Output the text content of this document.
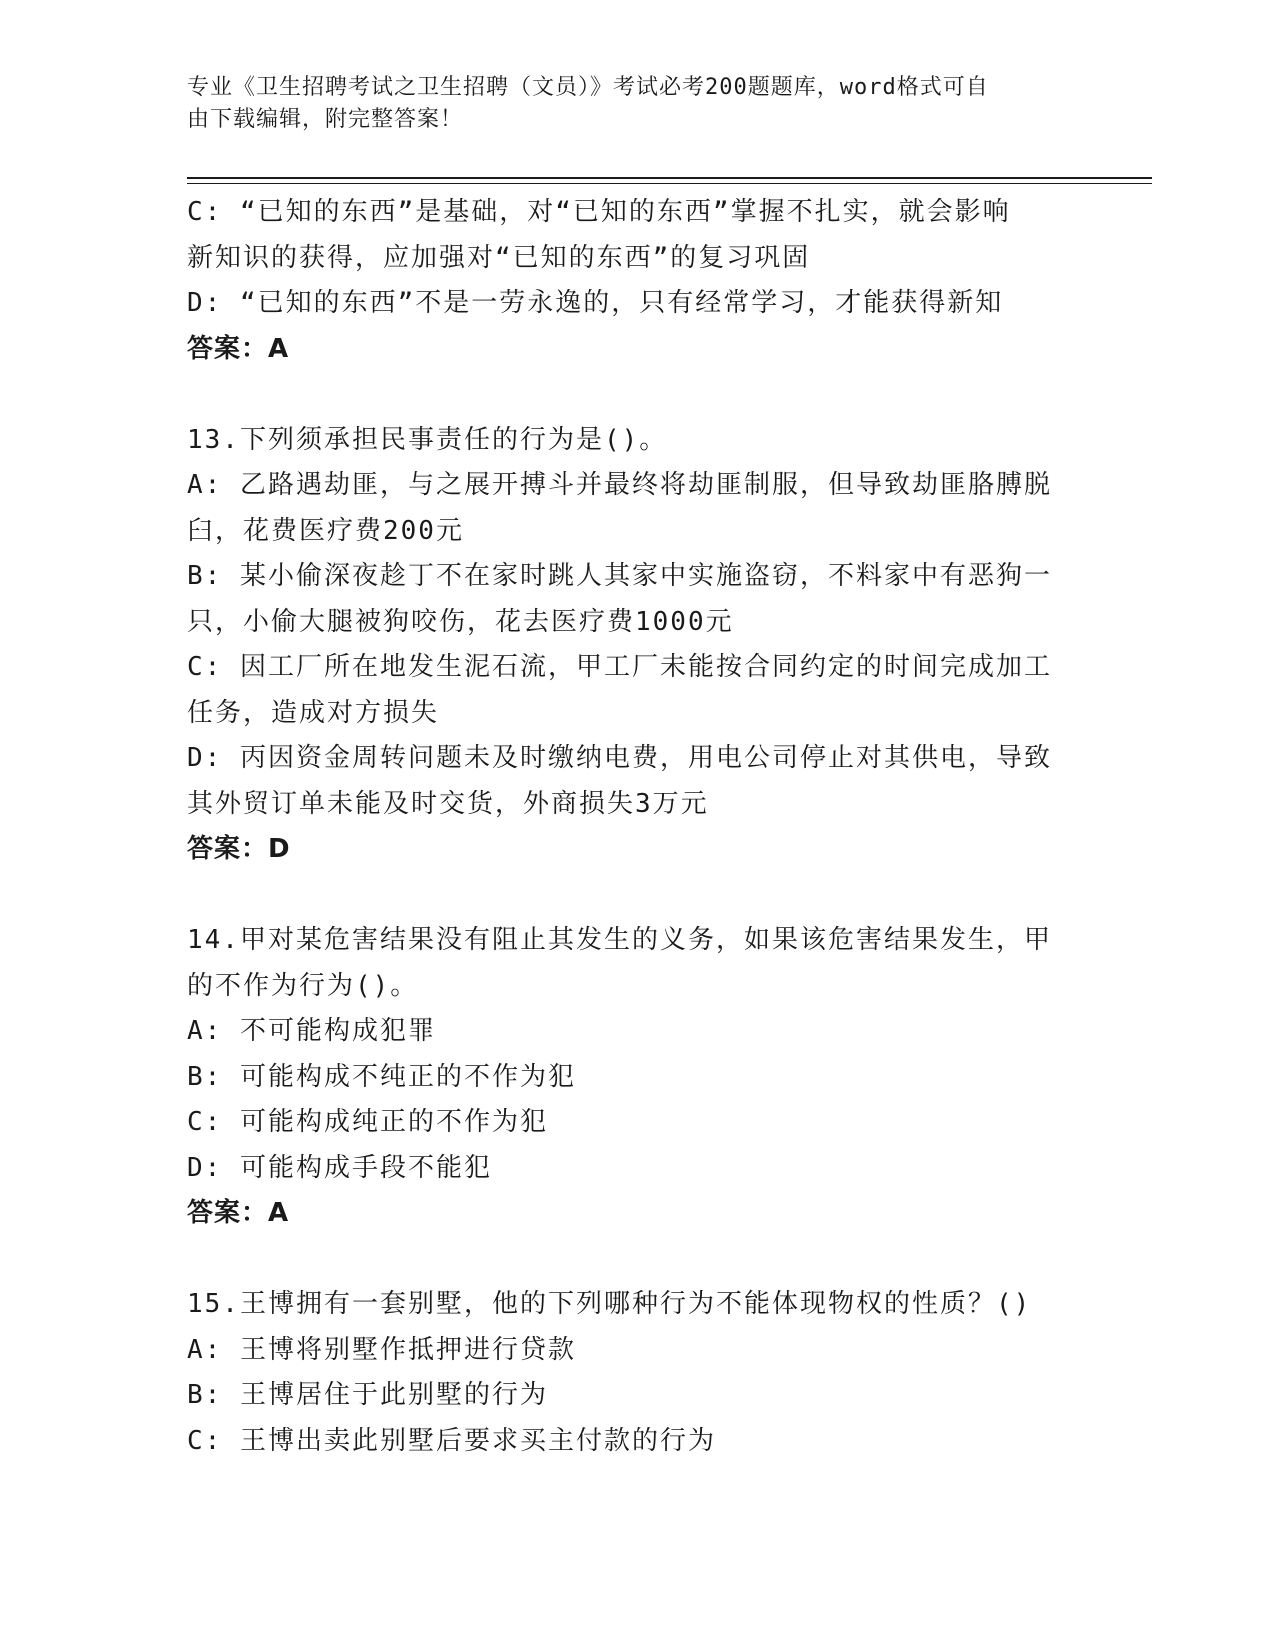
专业《卫生招聘考试之卫生招聘（文员）》考试必考200题题库，word格式可自
由下载编辑，附完整答案！
C: “已知的东西”是基础，对“已知的东西”掌握不扎实，就会影响
新知识的获得，应加强对“已知的东西”的复习巩固
D: “已知的东西”不是一劳永逸的，只有经常学习，才能获得新知
答案：A
13.下列须承担民事责任的行为是()。
A: 乙路遇劫匪，与之展开搏斗并最终将劫匪制服，但导致劫匪胳膊脱
臼，花费医疗费200元
B: 某小偷深夜趁丁不在家时跳人其家中实施盗窃，不料家中有恶狗一
只，小偷大腿被狗咬伤，花去医疗费1000元
C: 因工厂所在地发生泥石流，甲工厂未能按合同约定的时间完成加工
任务，造成对方损失
D: 丙因资金周转问题未及时缴纳电费，用电公司停止对其供电，导致
其外贸订单未能及时交货，外商损失3万元
答案：D
14.甲对某危害结果没有阻止其发生的义务，如果该危害结果发生，甲
的不作为行为()。
A: 不可能构成犯罪
B: 可能构成不纯正的不作为犯
C: 可能构成纯正的不作为犯
D: 可能构成手段不能犯
答案：A
15.王博拥有一套别墅，他的下列哪种行为不能体现物权的性质？()
A: 王博将别墅作抵押进行贷款
B: 王博居住于此别墅的行为
C: 王博出卖此别墅后要求买主付款的行为
